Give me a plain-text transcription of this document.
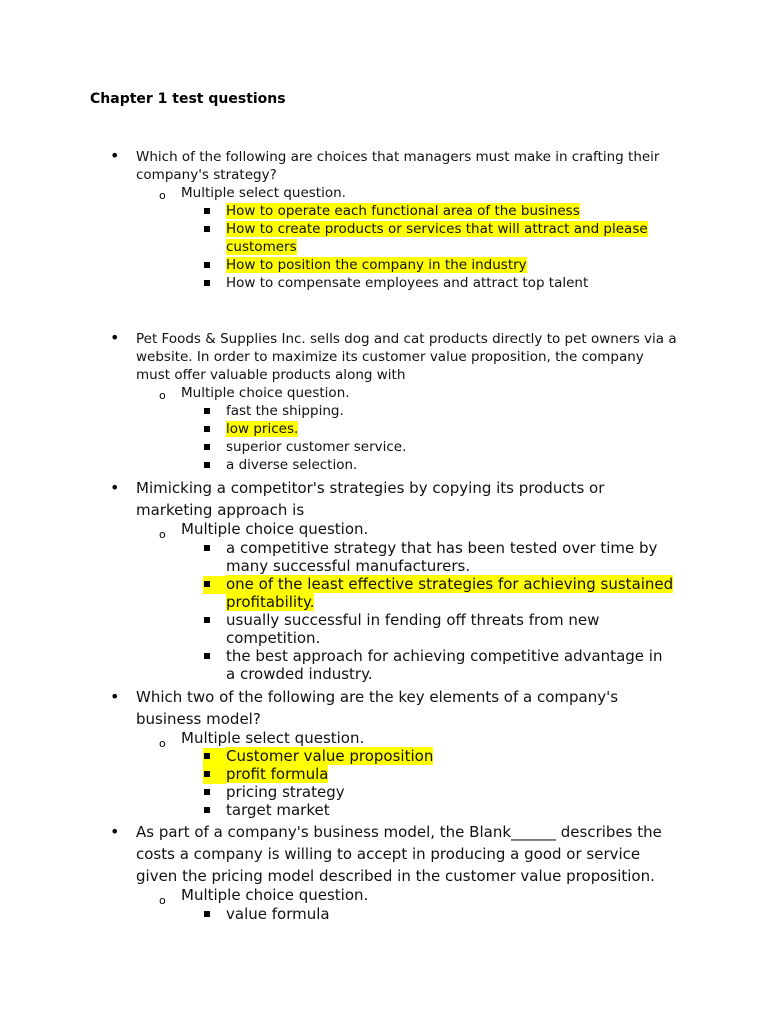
Chapter 1 test questions
• Which of the following are choices that managers must make in crafting their company's strategy?
o Multiple select question.
How to operate each functional area of the business
How to create products or services that will attract and please customers
How to position the company in the industry
How to compensate employees and attract top talent
• Pet Foods & Supplies Inc. sells dog and cat products directly to pet owners via a website. In order to maximize its customer value proposition, the company must offer valuable products along with
o Multiple choice question.
fast the shipping.
low prices.
superior customer service.
a diverse selection.
• Mimicking a competitor's strategies by copying its products or marketing approach is
o Multiple choice question.
a competitive strategy that has been tested over time by many successful manufacturers.
one of the least effective strategies for achieving sustained profitability.
usually successful in fending off threats from new competition.
the best approach for achieving competitive advantage in a crowded industry.
• Which two of the following are the key elements of a company's business model?
o Multiple select question.
Customer value proposition
profit formula
pricing strategy
target market
• As part of a company's business model, the Blank______ describes the costs a company is willing to accept in producing a good or service given the pricing model described in the customer value proposition.
o Multiple choice question.
value formula
